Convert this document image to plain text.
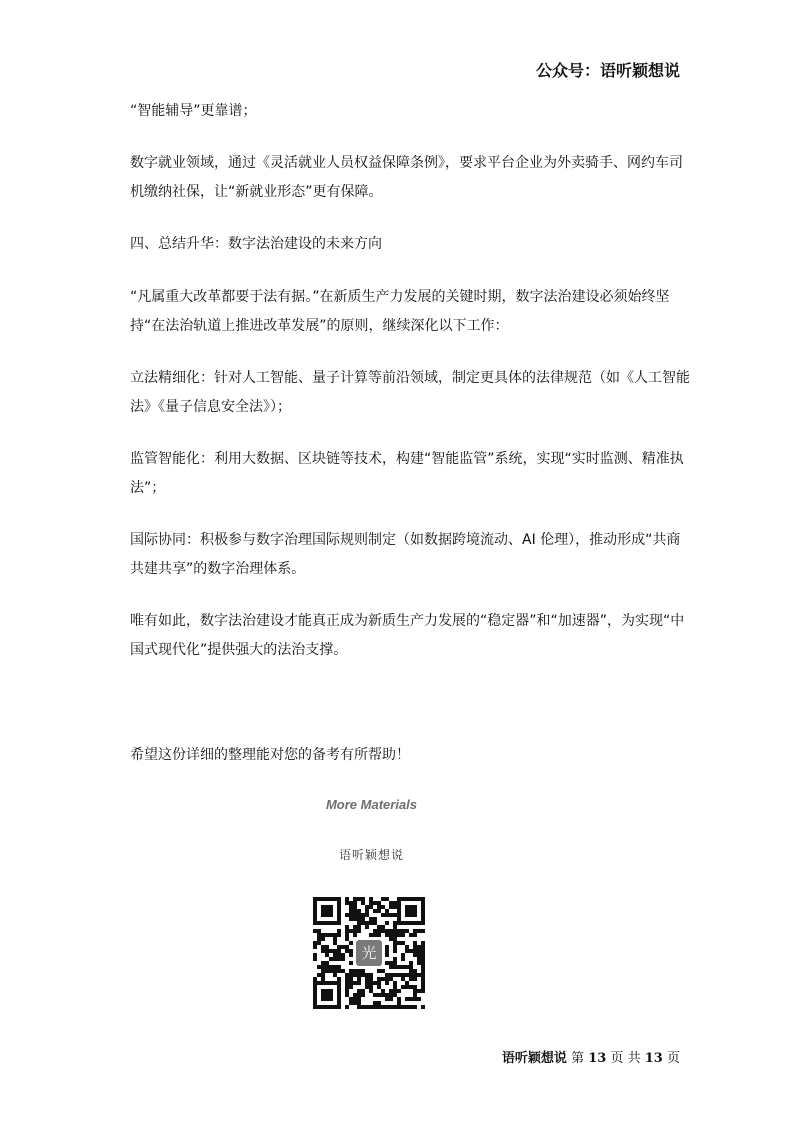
公众号：语听颖想说

“智能辅导”更靠谱；

数字就业领域，通过《灵活就业人员权益保障条例》，要求平台企业为外卖骑手、网约车司机缴纳社保，让“新就业形态”更有保障。

四、总结升华：数字法治建设的未来方向

“凡属重大改革都要于法有据。”在新质生产力发展的关键时期，数字法治建设必须始终坚持“在法治轨道上推进改革发展”的原则，继续深化以下工作：

立法精细化：针对人工智能、量子计算等前沿领域，制定更具体的法律规范（如《人工智能法》《量子信息安全法》）；

监管智能化：利用大数据、区块链等技术，构建“智能监管”系统，实现“实时监测、精准执法”；

国际协同：积极参与数字治理国际规则制定（如数据跨境流动、AI 伦理），推动形成“共商共建共享”的数字治理体系。

唯有如此，数字法治建设才能真正成为新质生产力发展的“稳定器”和“加速器”，为实现“中国式现代化”提供强大的法治支撑。

希望这份详细的整理能对您的备考有所帮助！

More Materials
语听颖想说
光
语听颖想说 第 13 页 共 13 页
